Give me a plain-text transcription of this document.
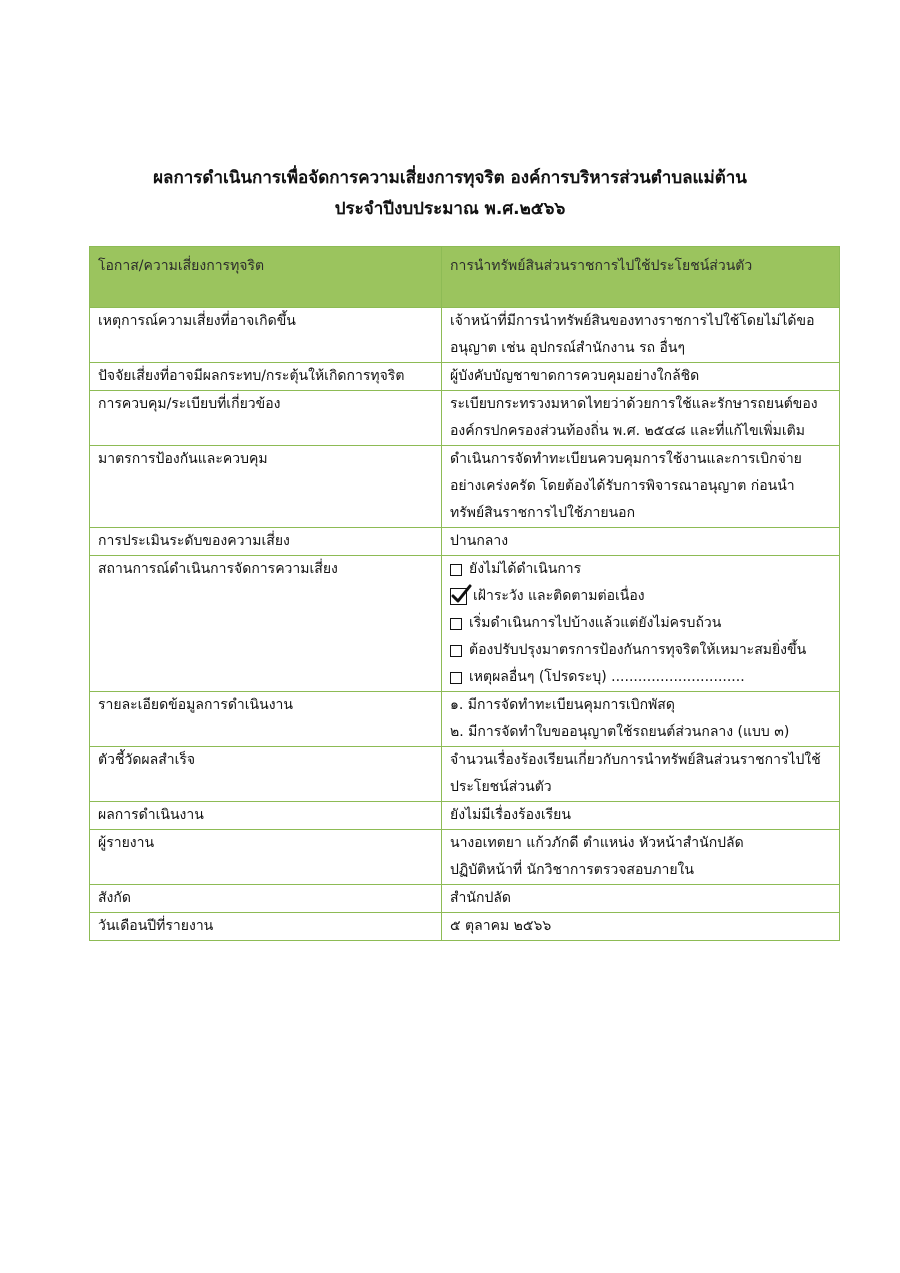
ผลการดำเนินการเพื่อจัดการความเสี่ยงการทุจริต องค์การบริหารส่วนตำบลแม่ต้าน
ประจำปีงบประมาณ พ.ศ.๒๕๖๖
โอกาส/ความเสี่ยงการทุจริต	การนำทรัพย์สินส่วนราชการไปใช้ประโยชน์ส่วนตัว
เหตุการณ์ความเสี่ยงที่อาจเกิดขึ้น	เจ้าหน้าที่มีการนำทรัพย์สินของทางราชการไปใช้โดยไม่ได้ขอ
อนุญาต เช่น อุปกรณ์สำนักงาน รถ อื่นๆ

ปัจจัยเสี่ยงที่อาจมีผลกระทบ/กระตุ้นให้เกิดการทุจริต	ผู้บังคับบัญชาขาดการควบคุมอย่างใกล้ชิด

การควบคุม/ระเบียบที่เกี่ยวข้อง	ระเบียบกระทรวงมหาดไทยว่าด้วยการใช้และรักษารถยนต์ของ
องค์กรปกครองส่วนท้องถิ่น พ.ศ. ๒๕๔๘ และที่แก้ไขเพิ่มเติม

มาตรการป้องกันและควบคุม	ดำเนินการจัดทำทะเบียนควบคุมการใช้งานและการเบิกจ่าย
อย่างเคร่งครัด โดยต้องได้รับการพิจารณาอนุญาต ก่อนนำ
ทรัพย์สินราชการไปใช้ภายนอก

การประเมินระดับของความเสี่ยง	ปานกลาง

สถานการณ์ดำเนินการจัดการความเสี่ยง	ยังไม่ได้ดำเนินการ
เฝ้าระวัง และติดตามต่อเนื่อง
เริ่มดำเนินการไปบ้างแล้วแต่ยังไม่ครบถ้วน
ต้องปรับปรุงมาตรการป้องกันการทุจริตให้เหมาะสมยิ่งขึ้น
เหตุผลอื่นๆ (โปรดระบุ) ..............................

รายละเอียดข้อมูลการดำเนินงาน	๑. มีการจัดทำทะเบียนคุมการเบิกพัสดุ
๒. มีการจัดทำใบขออนุญาตใช้รถยนต์ส่วนกลาง (แบบ ๓)

ตัวชี้วัดผลสำเร็จ	จำนวนเรื่องร้องเรียนเกี่ยวกับการนำทรัพย์สินส่วนราชการไปใช้
ประโยชน์ส่วนตัว

ผลการดำเนินงาน	ยังไม่มีเรื่องร้องเรียน

ผู้รายงาน	นางอเทตยา แก้วภักดี ตำแหน่ง หัวหน้าสำนักปลัด
ปฏิบัติหน้าที่ นักวิชาการตรวจสอบภายใน

สังกัด	สำนักปลัด

วันเดือนปีที่รายงาน	๕ ตุลาคม ๒๕๖๖
